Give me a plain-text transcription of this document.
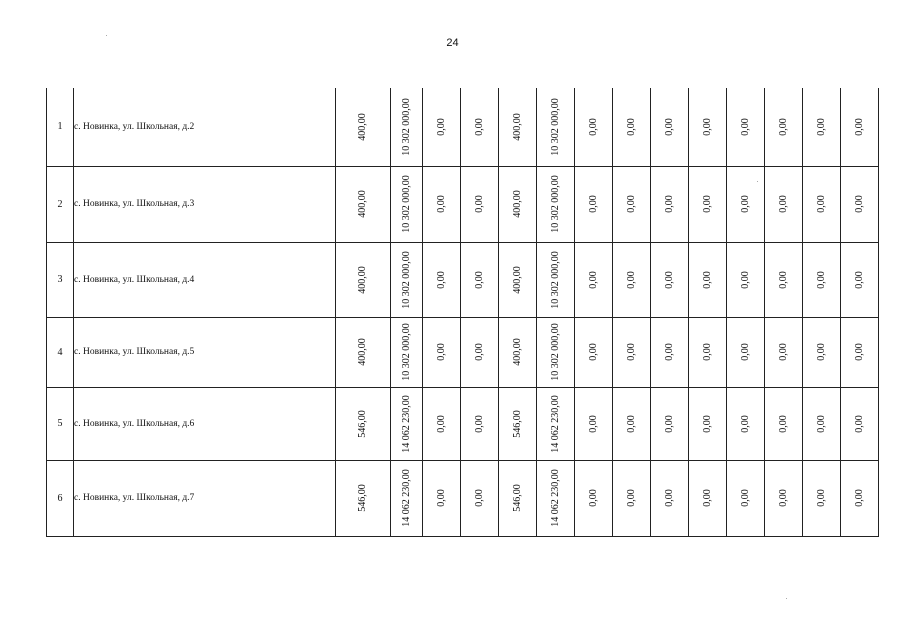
24
1	с. Новинка, ул. Школьная, д.2	400,00	10 302 000,00	0,00	0,00	400,00	10 302 000,00	0,00	0,00	0,00	0,00	0,00	0,00	0,00	0,00

2	с. Новинка, ул. Школьная, д.3	400,00	10 302 000,00	0,00	0,00	400,00	10 302 000,00	0,00	0,00	0,00	0,00	0,00	0,00	0,00	0,00

3	с. Новинка, ул. Школьная, д.4	400,00	10 302 000,00	0,00	0,00	400,00	10 302 000,00	0,00	0,00	0,00	0,00	0,00	0,00	0,00	0,00

4	с. Новинка, ул. Школьная, д.5	400,00	10 302 000,00	0,00	0,00	400,00	10 302 000,00	0,00	0,00	0,00	0,00	0,00	0,00	0,00	0,00

5	с. Новинка, ул. Школьная, д.6	546,00	14 062 230,00	0,00	0,00	546,00	14 062 230,00	0,00	0,00	0,00	0,00	0,00	0,00	0,00	0,00

6	с. Новинка, ул. Школьная, д.7	546,00	14 062 230,00	0,00	0,00	546,00	14 062 230,00	0,00	0,00	0,00	0,00	0,00	0,00	0,00	0,00
